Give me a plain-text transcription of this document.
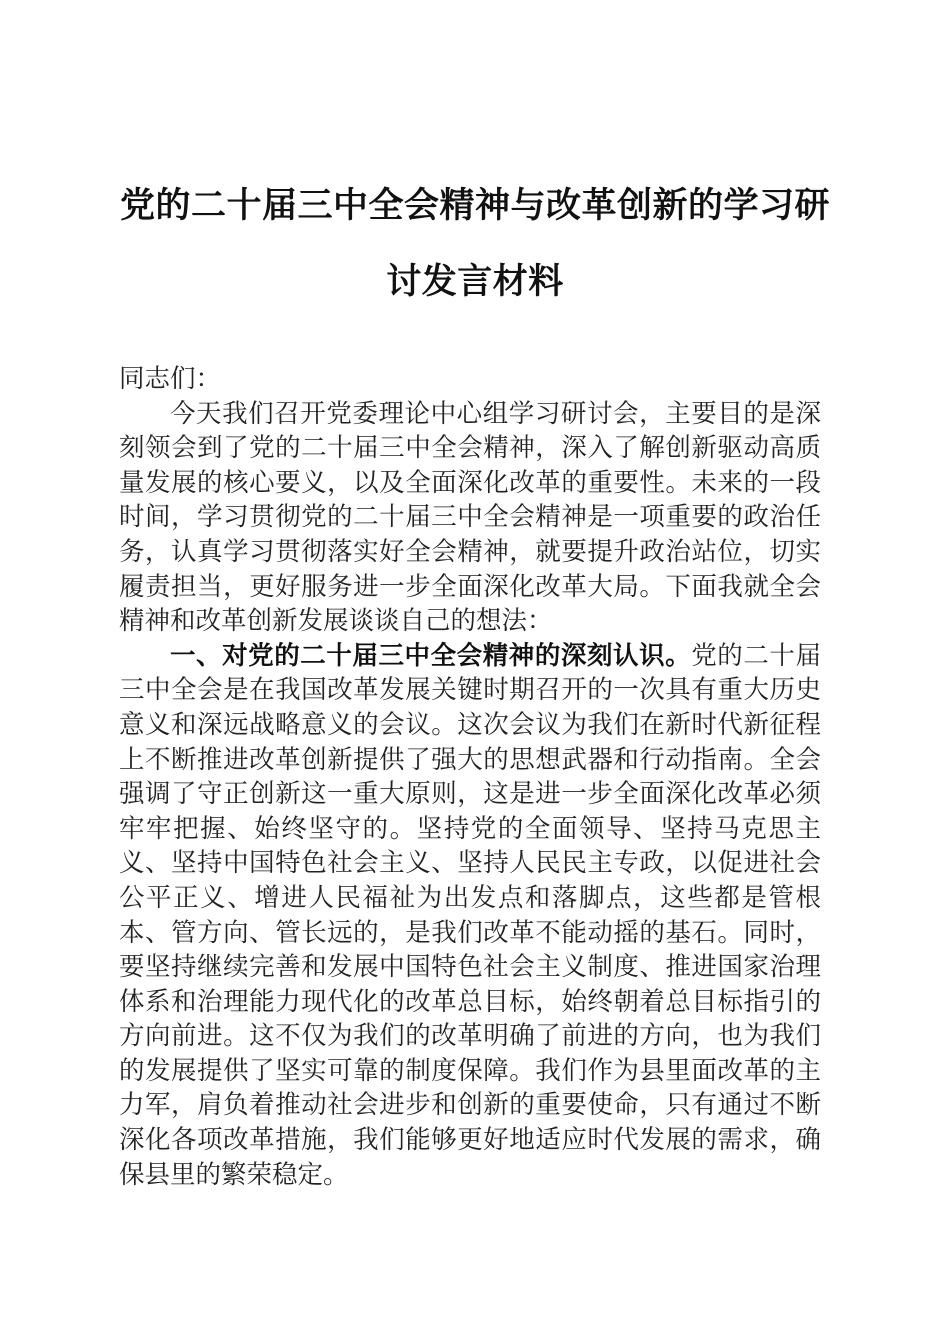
党的二十届三中全会精神与改革创新的学习研
讨发言材料

同志们：

今天我们召开党委理论中心组学习研讨会，主要目的是深刻领会到了党的二十届三中全会精神，深入了解创新驱动高质量发展的核心要义，以及全面深化改革的重要性。未来的一段时间，学习贯彻党的二十届三中全会精神是一项重要的政治任务，认真学习贯彻落实好全会精神，就要提升政治站位，切实履责担当，更好服务进一步全面深化改革大局。下面我就全会精神和改革创新发展谈谈自己的想法：

一、对党的二十届三中全会精神的深刻认识。党的二十届三中全会是在我国改革发展关键时期召开的一次具有重大历史意义和深远战略意义的会议。这次会议为我们在新时代新征程上不断推进改革创新提供了强大的思想武器和行动指南。全会强调了守正创新这一重大原则，这是进一步全面深化改革必须牢牢把握、始终坚守的。坚持党的全面领导、坚持马克思主义、坚持中国特色社会主义、坚持人民民主专政，以促进社会公平正义、增进人民福祉为出发点和落脚点，这些都是管根本、管方向、管长远的，是我们改革不能动摇的基石。同时，要坚持继续完善和发展中国特色社会主义制度、推进国家治理体系和治理能力现代化的改革总目标，始终朝着总目标指引的方向前进。这不仅为我们的改革明确了前进的方向，也为我们的发展提供了坚实可靠的制度保障。我们作为县里面改革的主力军，肩负着推动社会进步和创新的重要使命，只有通过不断深化各项改革措施，我们能够更好地适应时代发展的需求，确保县里的繁荣稳定。
